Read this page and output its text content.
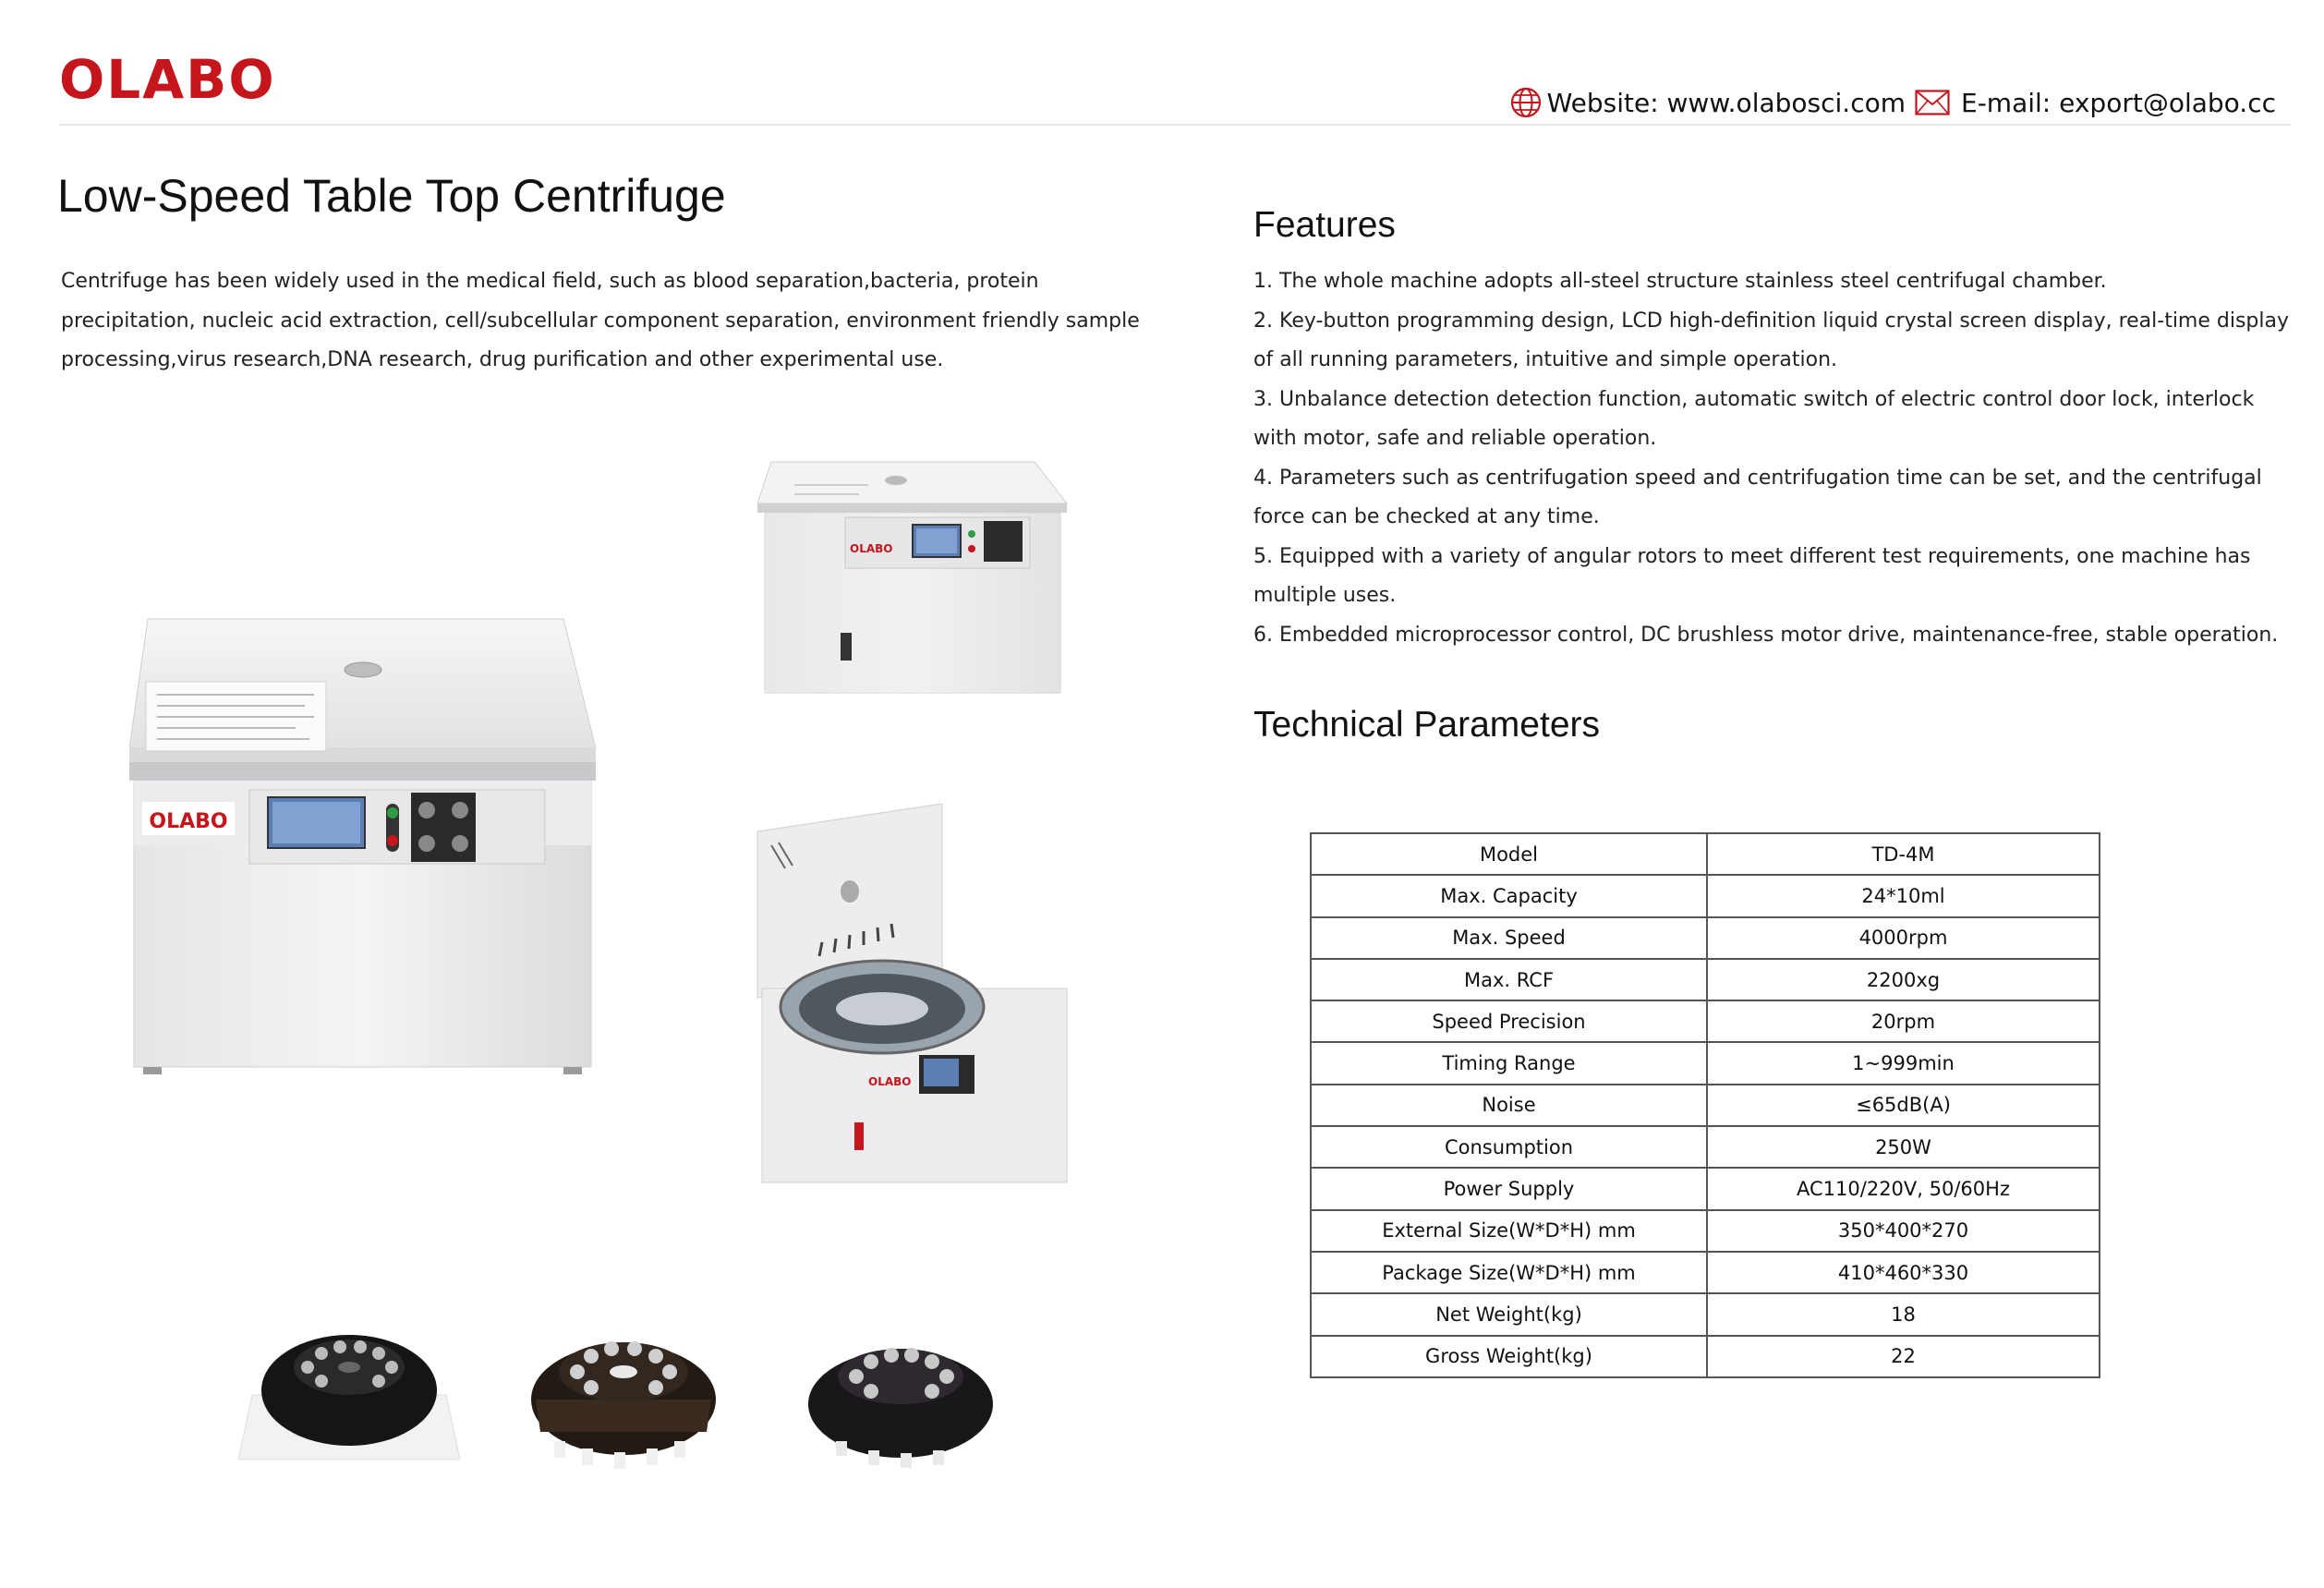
OLABO	Website: www.olabosci.com E-mail: export@olabo.cc
Low-Speed Table Top Centrifuge
Centrifuge has been widely used in the medical field, such as blood separation,bacteria, protein precipitation, nucleic acid extraction, cell/subcellular component separation, environment friendly sample processing,virus research,DNA research, drug purification and other experimental use.
OLABO
OLABO
OLABO
Features
1. The whole machine adopts all-steel structure stainless steel centrifugal chamber.
2. Key-button programming design, LCD high-definition liquid crystal screen display, real-time display of all running parameters, intuitive and simple operation.
3. Unbalance detection detection function, automatic switch of electric control door lock, interlock with motor, safe and reliable operation.
4. Parameters such as centrifugation speed and centrifugation time can be set, and the centrifugal force can be checked at any time.
5. Equipped with a variety of angular rotors to meet different test requirements, one machine has multiple uses.
6. Embedded microprocessor control, DC brushless motor drive, maintenance-free, stable operation.
Technical Parameters
Model	TD-4M
Max. Capacity	24*10ml
Max. Speed	4000rpm
Max. RCF	2200xg
Speed Precision	20rpm
Timing Range	1~999min
Noise	≤65dB(A)
Consumption	250W
Power Supply	AC110/220V, 50/60Hz
External Size(W*D*H) mm	350*400*270
Package Size(W*D*H) mm	410*460*330
Net Weight(kg)	18
Gross Weight(kg)	22
